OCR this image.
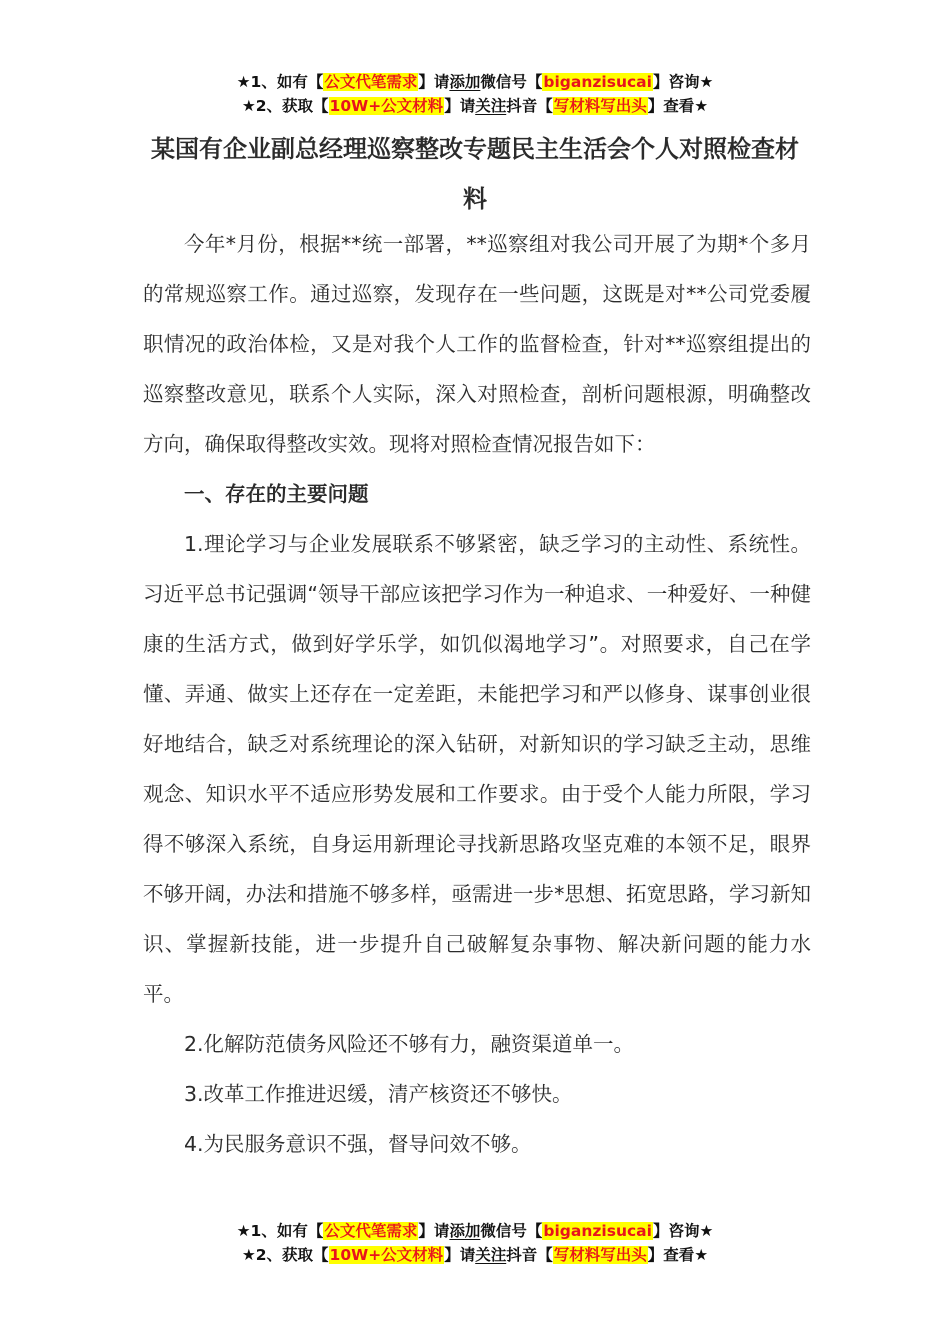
★1、如有【公文代笔需求】请添加微信号【biganzisucai】咨询★
★2、获取【10W+公文材料】请关注抖音【写材料写出头】查看★
某国有企业副总经理巡察整改专题民主生活会个人对照检查材料

今年*月份，根据**统一部署，**巡察组对我公司开展了为期*个多月的常规巡察工作。通过巡察，发现存在一些问题，这既是对**公司党委履职情况的政治体检，又是对我个人工作的监督检查，针对**巡察组提出的巡察整改意见，联系个人实际，深入对照检查，剖析问题根源，明确整改方向，确保取得整改实效。现将对照检查情况报告如下：

一、存在的主要问题

1.理论学习与企业发展联系不够紧密，缺乏学习的主动性、系统性。习近平总书记强调“领导干部应该把学习作为一种追求、一种爱好、一种健康的生活方式，做到好学乐学，如饥似渴地学习”。对照要求，自己在学懂、弄通、做实上还存在一定差距，未能把学习和严以修身、谋事创业很好地结合，缺乏对系统理论的深入钻研，对新知识的学习缺乏主动，思维观念、知识水平不适应形势发展和工作要求。由于受个人能力所限，学习得不够深入系统，自身运用新理论寻找新思路攻坚克难的本领不足，眼界不够开阔，办法和措施不够多样，亟需进一步*思想、拓宽思路，学习新知识、掌握新技能，进一步提升自己破解复杂事物、解决新问题的能力水平。

2.化解防范债务风险还不够有力，融资渠道单一。

3.改革工作推进迟缓，清产核资还不够快。

4.为民服务意识不强，督导问效不够。

★1、如有【公文代笔需求】请添加微信号【biganzisucai】咨询★
★2、获取【10W+公文材料】请关注抖音【写材料写出头】查看★
